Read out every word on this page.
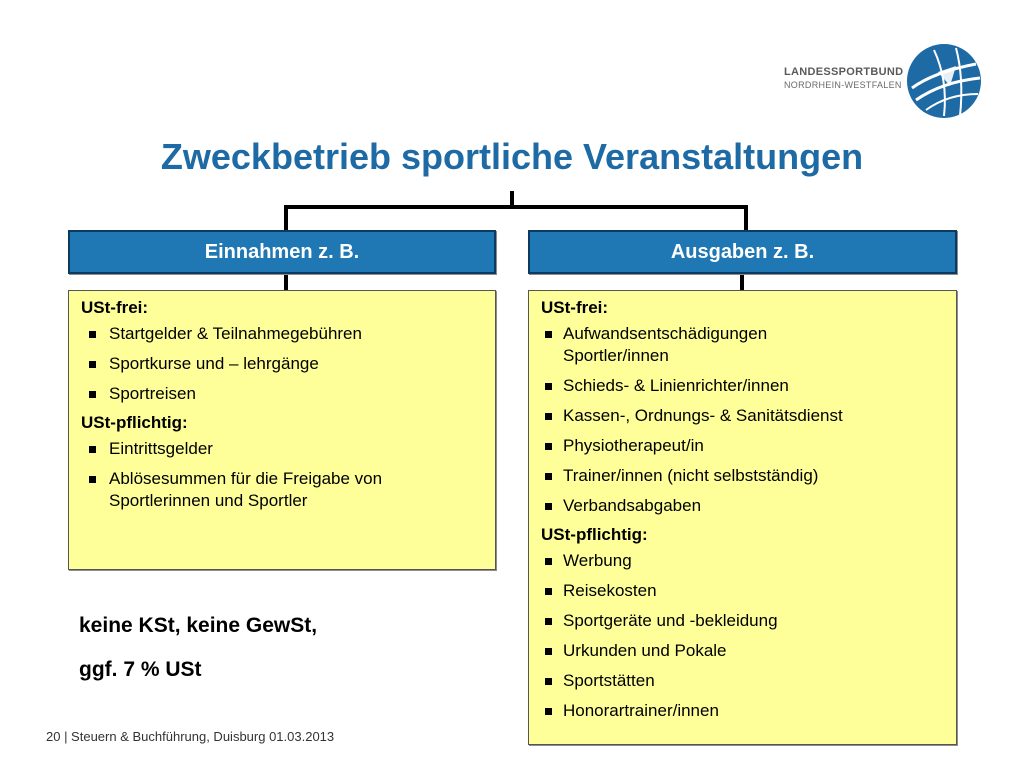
LANDESSPORTBUND
NORDRHEIN-WESTFALEN
Zweckbetrieb sportliche Veranstaltungen
Einnahmen z. B.	Ausgaben z. B.
USt-frei:
Startgelder & Teilnahmegebühren
Sportkurse und – lehrgänge
Sportreisen
USt-pflichtig:
Eintrittsgelder
Ablösesummen für die Freigabe von Sportlerinnen und Sportler
USt-frei:
Aufwandsentschädigungen Sportler/innen
Schieds- & Linienrichter/innen
Kassen-, Ordnungs- & Sanitätsdienst
Physiotherapeut/in
Trainer/innen (nicht selbstständig)
Verbandsabgaben
USt-pflichtig:
Werbung
Reisekosten
Sportgeräte und -bekleidung
Urkunden und Pokale
Sportstätten
Honorartrainer/innen
keine KSt, keine GewSt,
ggf. 7 % USt
20 | Steuern & Buchführung, Duisburg 01.03.2013
